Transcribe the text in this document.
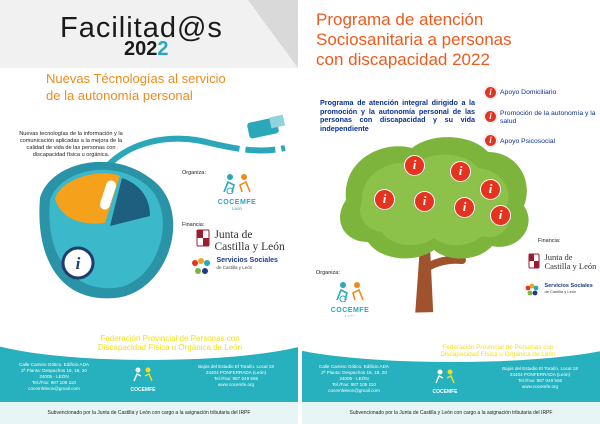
Facilitad@s
2022
Nuevas Técnologías al servicio
de la autonomía personal
i
Nuevas tecnologías de la información y la comunicación aplicadas a la mejora de la calidad de vida de las personas con discapacidad física u orgánica.
Organiza:
COCEMFE
León
Financia:

Junta de
Castilla y León

Servicios Sociales
de Castilla y León
COCEMFE LEÓN
Federación Provincial de Personas con
Discapacidad Física u Orgánica de León
Calle Camino Gótico. Edificio ADA
2ª Planta: Despachos 16, 18, 20
24005 - LEÓN
Tel./Fax: 987 105 110
cocemfeleon@gmail.com	COCEMFE
Bajos del Estadio El Toralín. Local 18
24404 PONFERRADA (León)
Tel./Fax: 987 049 556
www.cocemfe.org
Subvencionado por la Junta de Castilla y León con cargo a la asignación tributaria del IRPF
Programa de atención
Sociosanitaria a personas
con discapacidad 2022
Programa de atención integral dirigido a la promoción y la autonomía personal de las personas con discapacidad y su vida independiente
i	Apoyo Domiciliario
i	Promoción de la autonomía y la salud
i	Apoyo Psicosocial
i	i
i
i	i	i
i
Financia:

Junta de
Castilla y León

Servicios Sociales
de Castilla y León
Organiza:
COCEMFE
COCEMFE LEÓN
Federación Provincial de Personas con
Discapacidad Física u Orgánica de León
Calle Camino Gótico. Edificio ADA
2ª Planta: Despachos 16, 18, 20
24005 - LEÓN
Tel./Fax: 987 105 110
cocemfeleon@gmail.com	COCEMFE
Bajos del Estadio El Toralín. Local 18
24404 PONFERRADA (León)
Tel./Fax: 987 049 556
www.cocemfe.org
Subvencionado por la Junta de Castilla y León con cargo a la asignación tributaria del IRPF
